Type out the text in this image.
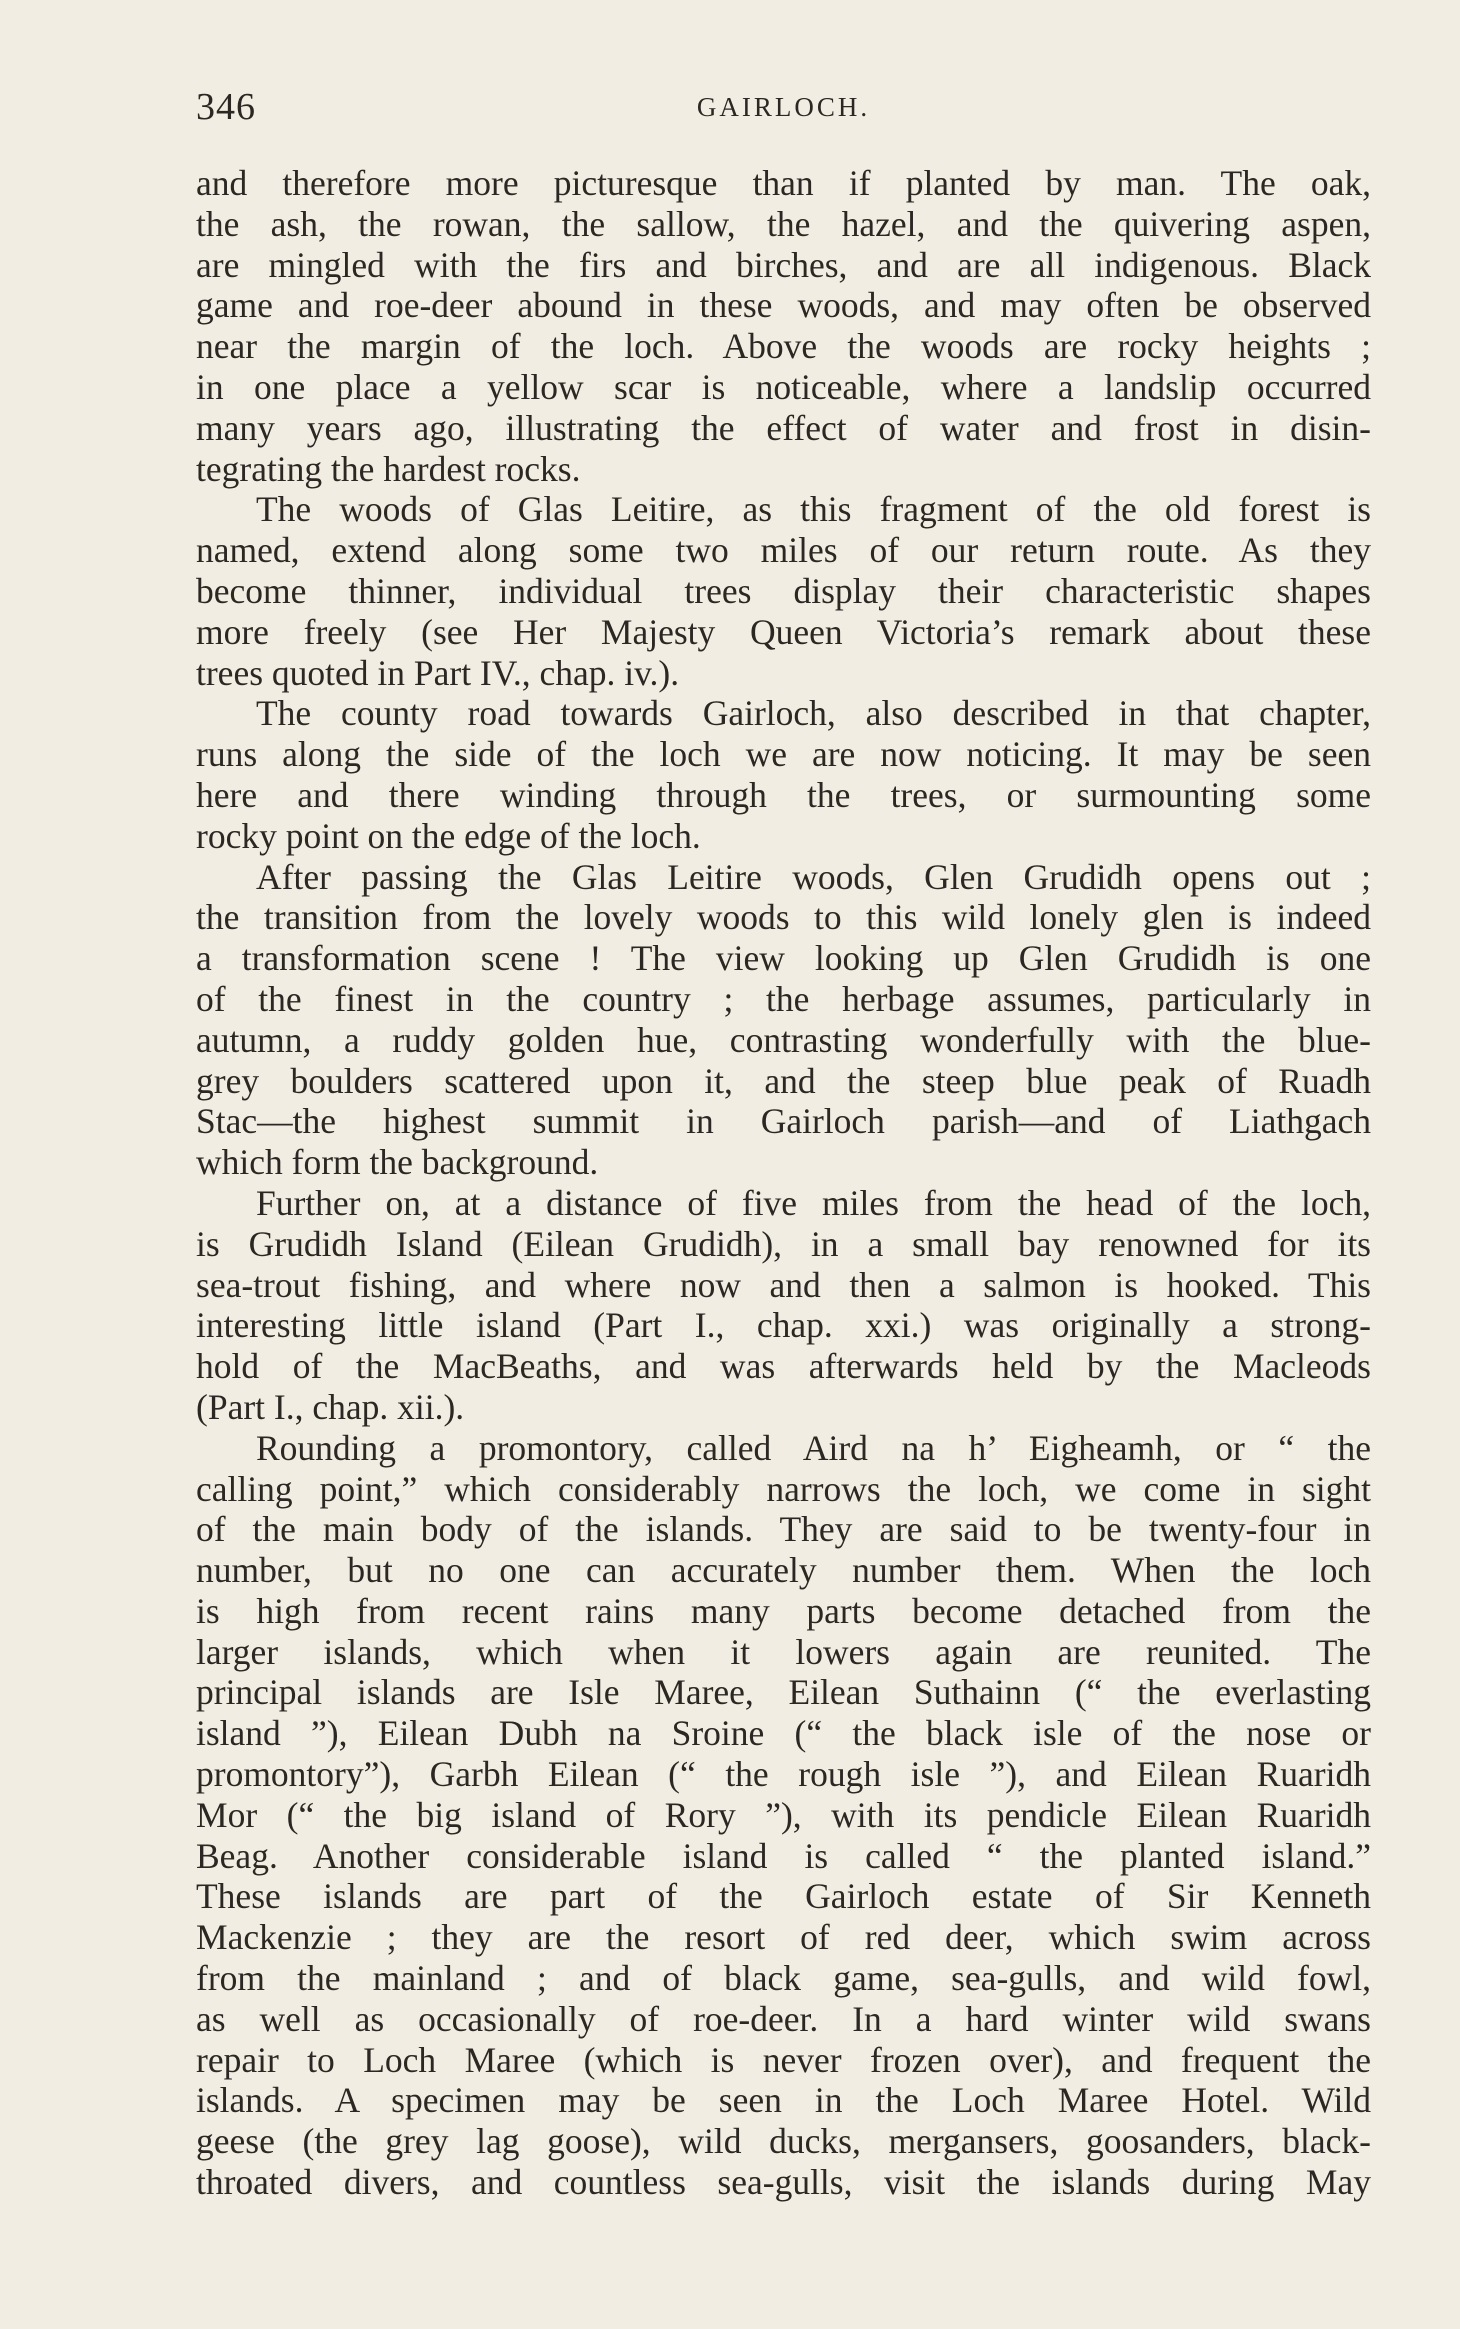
346	GAIRLOCH.
and therefore more picturesque than if planted by man. The oak,
the ash, the rowan, the sallow, the hazel, and the quivering aspen,
are mingled with the firs and birches, and are all indigenous. Black
game and roe-deer abound in these woods, and may often be observed
near the margin of the loch. Above the woods are rocky heights ;
in one place a yellow scar is noticeable, where a landslip occurred
many years ago, illustrating the effect of water and frost in disin-
tegrating the hardest rocks.
The woods of Glas Leitire, as this fragment of the old forest is
named, extend along some two miles of our return route. As they
become thinner, individual trees display their characteristic shapes
more freely (see Her Majesty Queen Victoria’s remark about these
trees quoted in Part IV., chap. iv.).
The county road towards Gairloch, also described in that chapter,
runs along the side of the loch we are now noticing. It may be seen
here and there winding through the trees, or surmounting some
rocky point on the edge of the loch.
After passing the Glas Leitire woods, Glen Grudidh opens out ;
the transition from the lovely woods to this wild lonely glen is indeed
a transformation scene ! The view looking up Glen Grudidh is one
of the finest in the country ; the herbage assumes, particularly in
autumn, a ruddy golden hue, contrasting wonderfully with the blue-
grey boulders scattered upon it, and the steep blue peak of Ruadh
Stac—the highest summit in Gairloch parish—and of Liathgach
which form the background.
Further on, at a distance of five miles from the head of the loch,
is Grudidh Island (Eilean Grudidh), in a small bay renowned for its
sea-trout fishing, and where now and then a salmon is hooked. This
interesting little island (Part I., chap. xxi.) was originally a strong-
hold of the MacBeaths, and was afterwards held by the Macleods
(Part I., chap. xii.).
Rounding a promontory, called Aird na h’ Eigheamh, or “ the
calling point,” which considerably narrows the loch, we come in sight
of the main body of the islands. They are said to be twenty-four in
number, but no one can accurately number them. When the loch
is high from recent rains many parts become detached from the
larger islands, which when it lowers again are reunited. The
principal islands are Isle Maree, Eilean Suthainn (“ the everlasting
island ”), Eilean Dubh na Sroine (“ the black isle of the nose or
promontory”), Garbh Eilean (“ the rough isle ”), and Eilean Ruaridh
Mor (“ the big island of Rory ”), with its pendicle Eilean Ruaridh
Beag. Another considerable island is called “ the planted island.”
These islands are part of the Gairloch estate of Sir Kenneth
Mackenzie ; they are the resort of red deer, which swim across
from the mainland ; and of black game, sea-gulls, and wild fowl,
as well as occasionally of roe-deer. In a hard winter wild swans
repair to Loch Maree (which is never frozen over), and frequent the
islands. A specimen may be seen in the Loch Maree Hotel. Wild
geese (the grey lag goose), wild ducks, mergansers, goosanders, black-
throated divers, and countless sea-gulls, visit the islands during May
